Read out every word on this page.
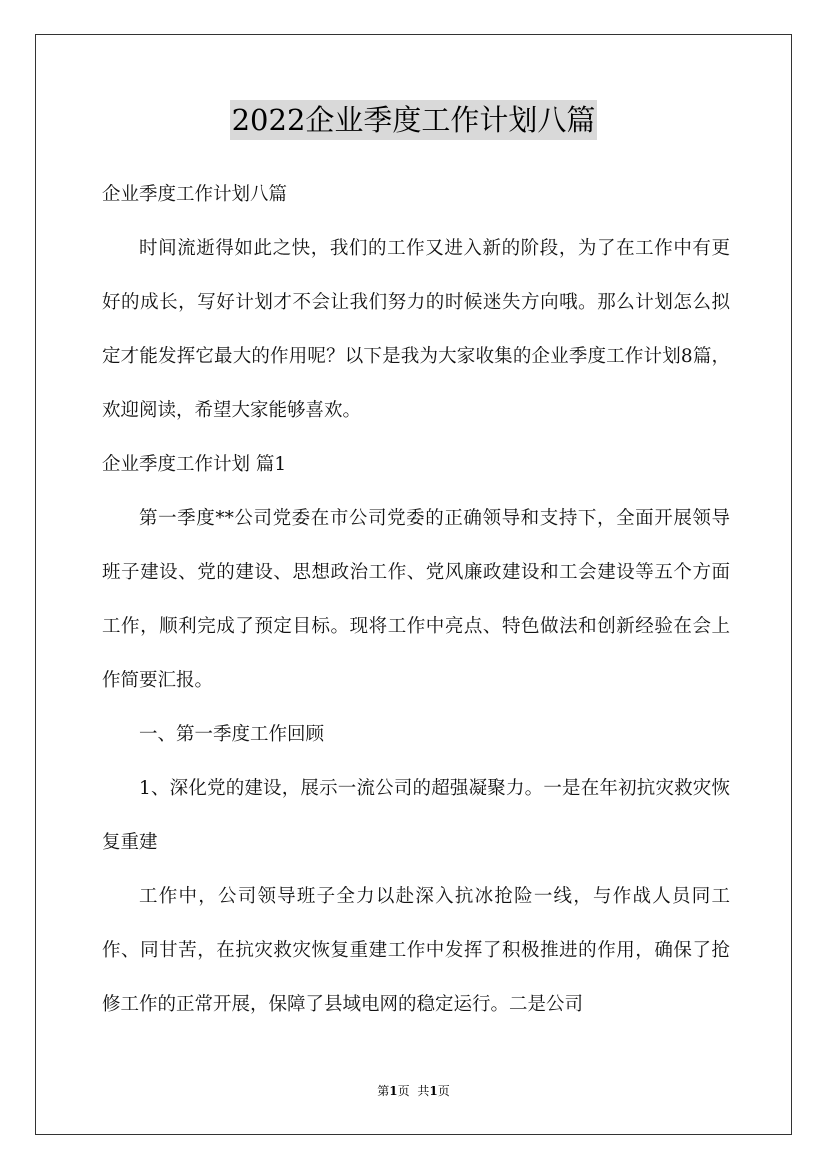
2022企业季度工作计划八篇

企业季度工作计划八篇

时间流逝得如此之快，我们的工作又进入新的阶段，为了在工作中有更好的成长，写好计划才不会让我们努力的时候迷失方向哦。那么计划怎么拟定才能发挥它最大的作用呢？以下是我为大家收集的企业季度工作计划8篇，欢迎阅读，希望大家能够喜欢。

企业季度工作计划 篇1

第一季度**公司党委在市公司党委的正确领导和支持下，全面开展领导班子建设、党的建设、思想政治工作、党风廉政建设和工会建设等五个方面工作，顺利完成了预定目标。现将工作中亮点、特色做法和创新经验在会上作简要汇报。

一、第一季度工作回顾

1、深化党的建设，展示一流公司的超强凝聚力。一是在年初抗灾救灾恢复重建

工作中，公司领导班子全力以赴深入抗冰抢险一线，与作战人员同工作、同甘苦，在抗灾救灾恢复重建工作中发挥了积极推进的作用，确保了抢修工作的正常开展，保障了县域电网的稳定运行。二是公司

第1页 共1页
